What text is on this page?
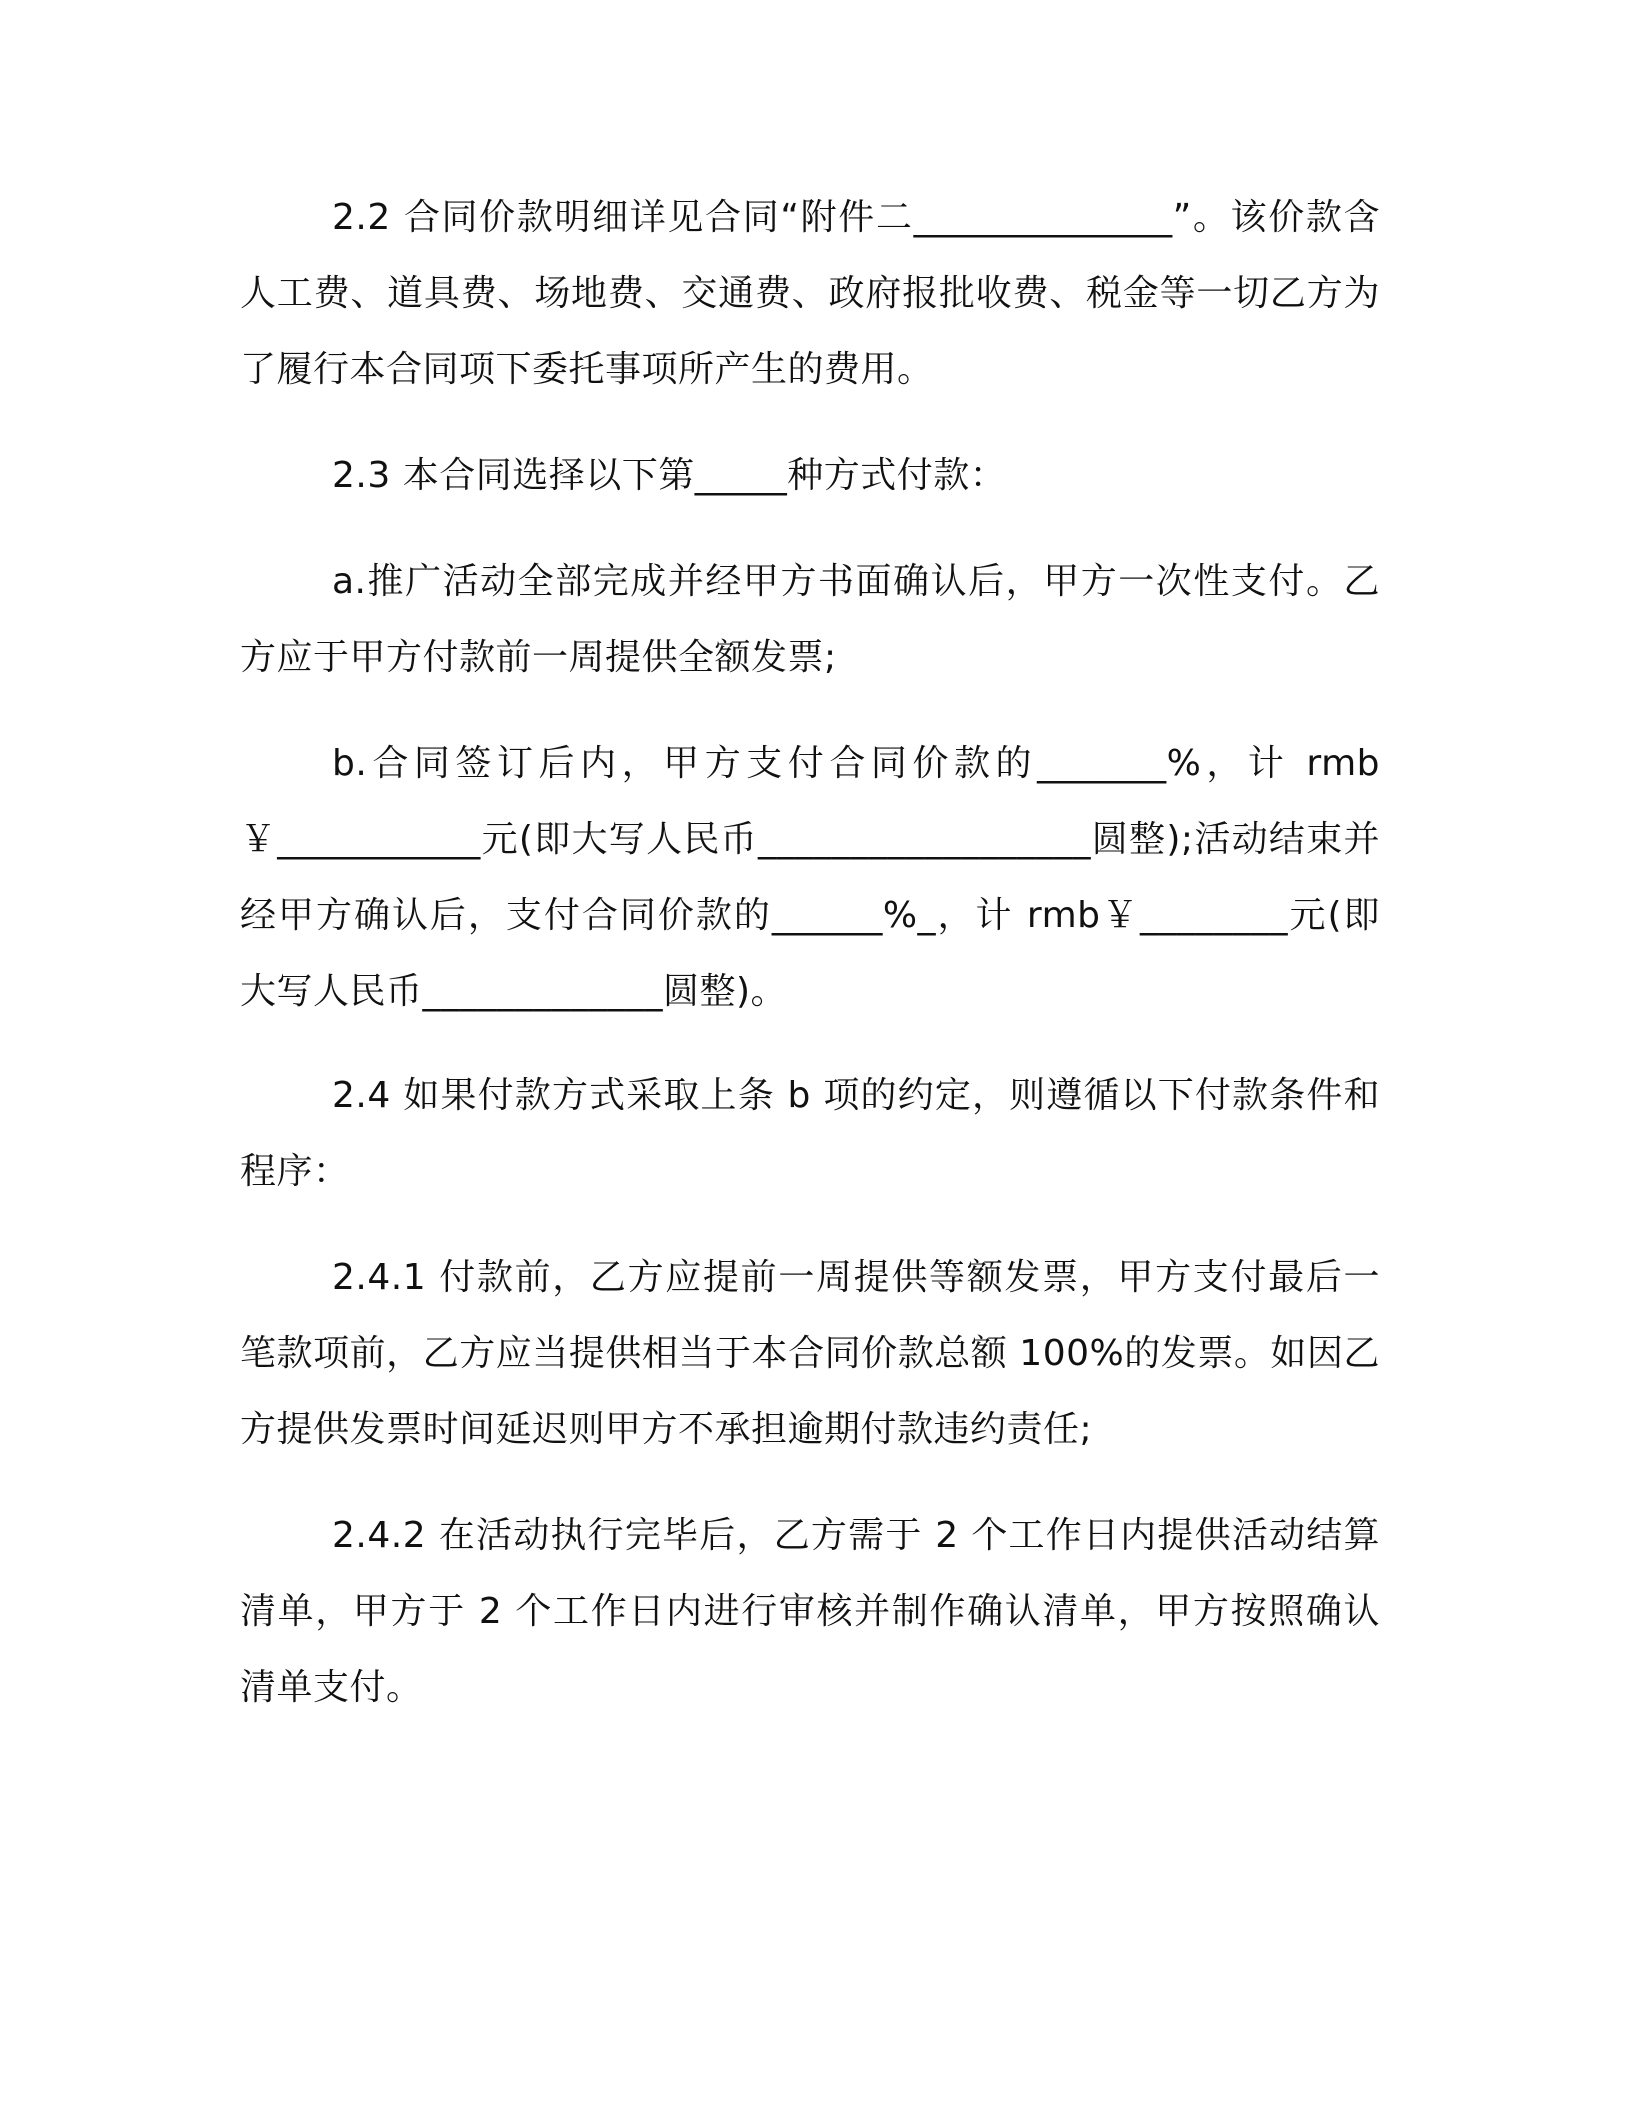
2.2 合同价款明细详见合同“附件二______________”。该价款含人工费、道具费、场地费、交通费、政府报批收费、税金等一切乙方为了履行本合同项下委托事项所产生的费用。

2.3 本合同选择以下第_____种方式付款：

a.推广活动全部完成并经甲方书面确认后，甲方一次性支付。乙方应于甲方付款前一周提供全额发票;

b.合同签订后内，甲方支付合同价款的_______%，计 rmb ￥___________元(即大写人民币__________________圆整);活动结束并经甲方确认后，支付合同价款的______%_，计 rmb￥________元(即大写人民币_____________圆整)。

2.4 如果付款方式采取上条 b 项的约定，则遵循以下付款条件和程序：

2.4.1 付款前，乙方应提前一周提供等额发票，甲方支付最后一笔款项前，乙方应当提供相当于本合同价款总额 100%的发票。如因乙方提供发票时间延迟则甲方不承担逾期付款违约责任;

2.4.2 在活动执行完毕后，乙方需于 2 个工作日内提供活动结算清单，甲方于 2 个工作日内进行审核并制作确认清单，甲方按照确认清单支付。
